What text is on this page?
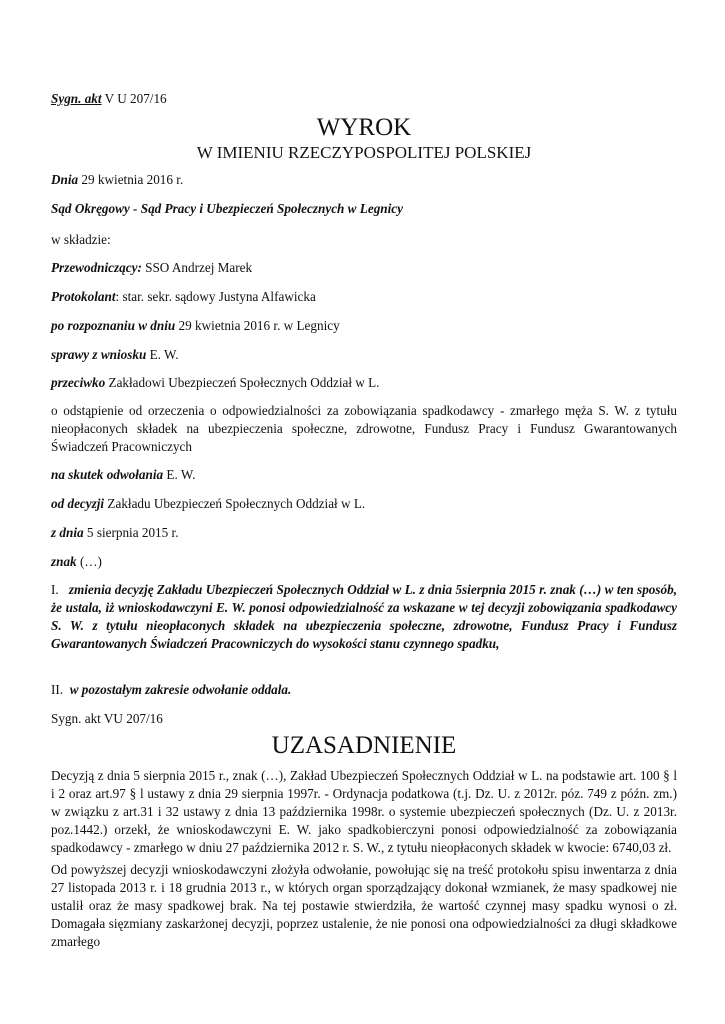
Sygn. akt V U 207/16
WYROK
W IMIENIU RZECZYPOSPOLITEJ POLSKIEJ
Dnia 29 kwietnia 2016 r.
Sąd Okręgowy - Sąd Pracy i Ubezpieczeń Społecznych w Legnicy
w składzie:
Przewodniczący: SSO Andrzej Marek
Protokolant: star. sekr. sądowy Justyna Alfawicka
po rozpoznaniu w dniu 29 kwietnia 2016 r. w Legnicy
sprawy z wniosku E. W.
przeciwko Zakładowi Ubezpieczeń Społecznych Oddział w L.
o odstąpienie od orzeczenia o odpowiedzialności za zobowiązania spadkodawcy - zmarłego męża S. W. z tytułu nieopłaconych składek na ubezpieczenia społeczne, zdrowotne, Fundusz Pracy i Fundusz Gwarantowanych Świadczeń Pracowniczych
na skutek odwołania E. W.
od decyzji Zakładu Ubezpieczeń Społecznych Oddział w L.
z dnia 5 sierpnia 2015 r.
znak (…)
I. zmienia decyzję Zakładu Ubezpieczeń Społecznych Oddział w L. z dnia 5sierpnia 2015 r. znak (…) w ten sposób, że ustala, iż wnioskodawczyni E. W. ponosi odpowiedzialność za wskazane w tej decyzji zobowiązania spadkodawcy S. W. z tytułu nieopłaconych składek na ubezpieczenia społeczne, zdrowotne, Fundusz Pracy i Fundusz Gwarantowanych Świadczeń Pracowniczych do wysokości stanu czynnego spadku,
II. w pozostałym zakresie odwołanie oddala.
Sygn. akt VU 207/16
UZASADNIENIE
Decyzją z dnia 5 sierpnia 2015 r., znak (…), Zakład Ubezpieczeń Społecznych Oddział w L. na podstawie art. 100 § l i 2 oraz art.97 § l ustawy z dnia 29 sierpnia 1997r. - Ordynacja podatkowa (t.j. Dz. U. z 2012r. póz. 749 z późn. zm.) w związku z art.31 i 32 ustawy z dnia 13 października 1998r. o systemie ubezpieczeń społecznych (Dz. U. z 2013r. poz.1442.) orzekł, że wnioskodawczyni E. W. jako spadkobierczyni ponosi odpowiedzialność za zobowiązania spadkodawcy - zmarłego w dniu 27 października 2012 r. S. W., z tytułu nieopłaconych składek w kwocie: 6740,03 zł.
Od powyższej decyzji wnioskodawczyni złożyła odwołanie, powołując się na treść protokołu spisu inwentarza z dnia 27 listopada 2013 r. i 18 grudnia 2013 r., w których organ sporządzający dokonał wzmianek, że masy spadkowej nie ustalił oraz że masy spadkowej brak. Na tej postawie stwierdziła, że wartość czynnej masy spadku wynosi o zł. Domagała sięzmiany zaskarżonej decyzji, poprzez ustalenie, że nie ponosi ona odpowiedzialności za długi składkowe zmarłego
